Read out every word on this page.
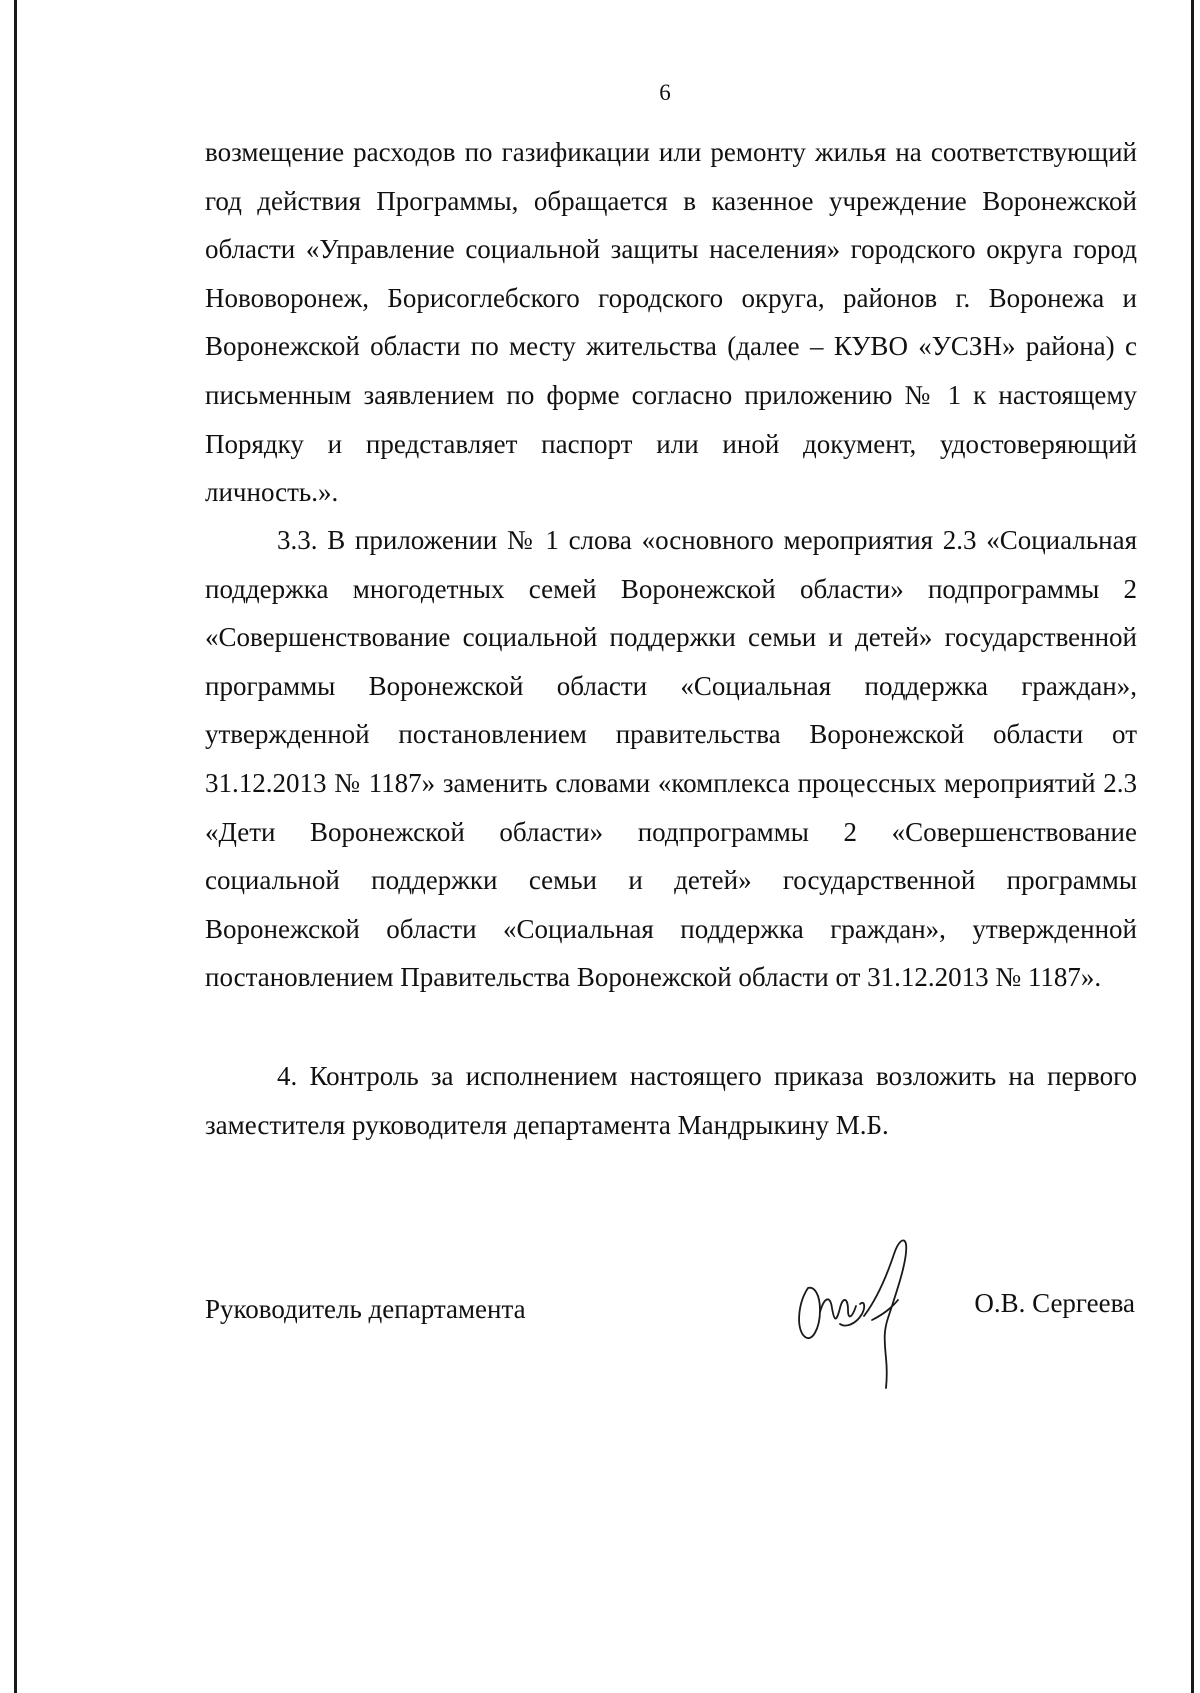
6
возмещение расходов по газификации или ремонту жилья на соответствующий год действия Программы, обращается в казенное учреждение Воронежской области «Управление социальной защиты населения» городского округа город Нововоронеж, Борисоглебского городского округа, районов г. Воронежа и Воронежской области по месту жительства (далее – КУВО «УСЗН» района) с письменным заявлением по форме согласно приложению № 1 к настоящему Порядку и представляет паспорт или иной документ, удостоверяющий личность.».
3.3. В приложении № 1 слова «основного мероприятия 2.3 «Социальная поддержка многодетных семей Воронежской области» подпрограммы 2 «Совершенствование социальной поддержки семьи и детей» государственной программы Воронежской области «Социальная поддержка граждан», утвержденной постановлением правительства Воронежской области от 31.12.2013 № 1187» заменить словами «комплекса процессных мероприятий 2.3 «Дети Воронежской области» подпрограммы 2 «Совершенствование социальной поддержки семьи и детей» государственной программы Воронежской области «Социальная поддержка граждан», утвержденной постановлением Правительства Воронежской области от 31.12.2013 № 1187».
4. Контроль за исполнением настоящего приказа возложить на первого заместителя руководителя департамента Мандрыкину М.Б.
Руководитель департамента	О.В. Сергеева
